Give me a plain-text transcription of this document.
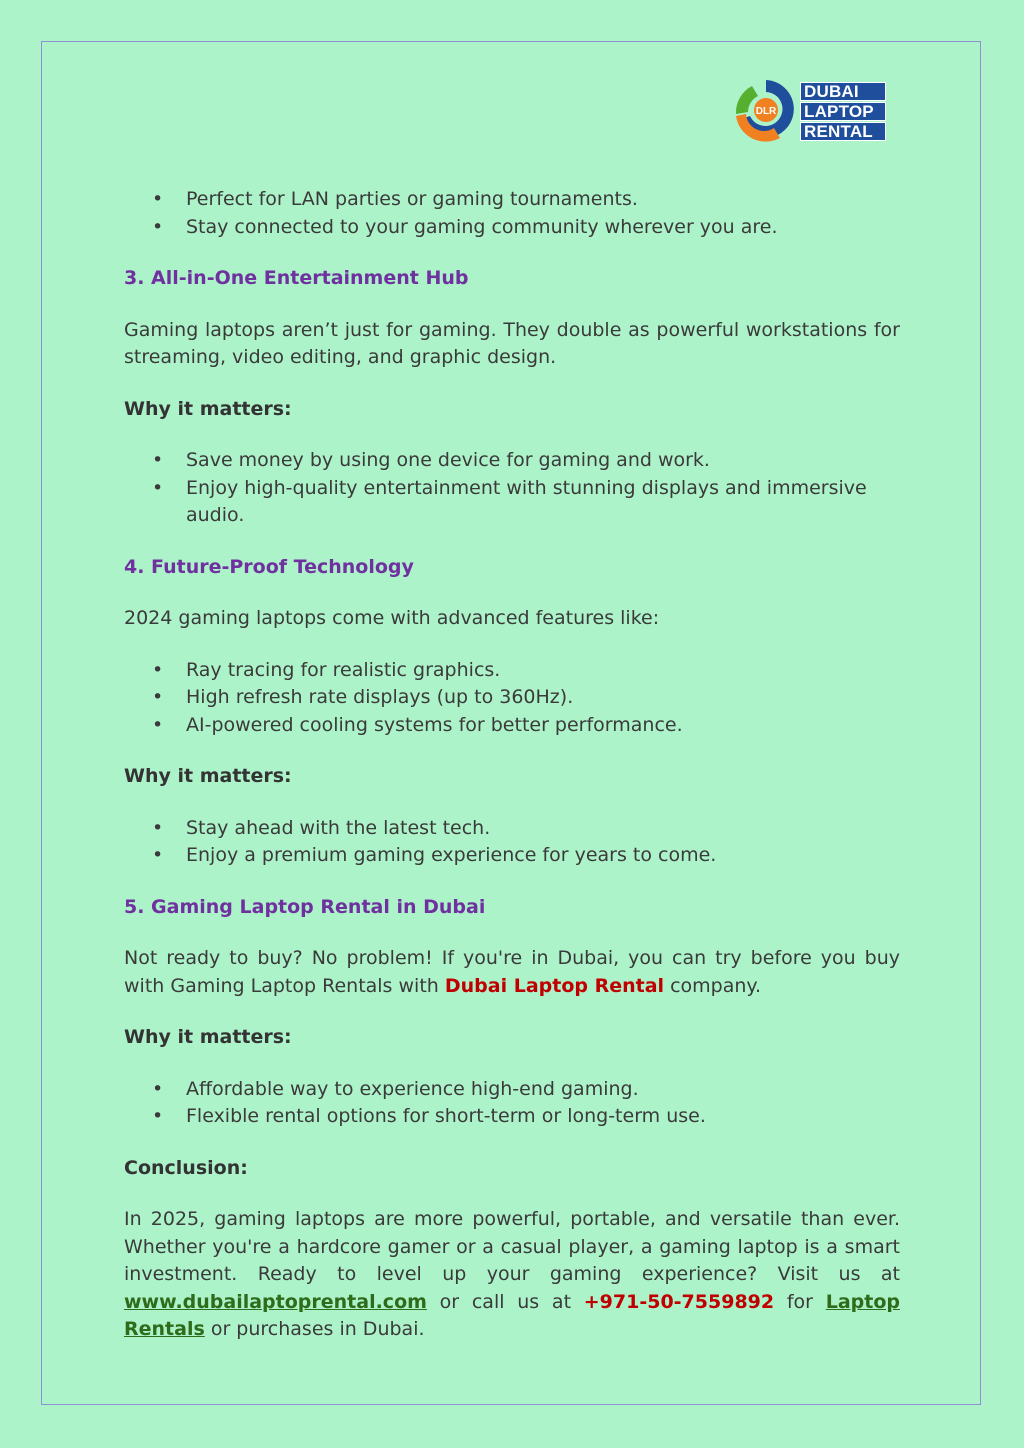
DLR
DUBAI
LAPTOP
RENTAL
• Perfect for LAN parties or gaming tournaments.
• Stay connected to your gaming community wherever you are.
3. All-in-One Entertainment Hub

Gaming laptops aren’t just for gaming. They double as powerful workstations for streaming, video editing, and graphic design.

Why it matters:

• Save money by using one device for gaming and work.
• Enjoy high-quality entertainment with stunning displays and immersive audio.
4. Future-Proof Technology

2024 gaming laptops come with advanced features like:

• Ray tracing for realistic graphics.
• High refresh rate displays (up to 360Hz).
• AI-powered cooling systems for better performance.

Why it matters:

• Stay ahead with the latest tech.
• Enjoy a premium gaming experience for years to come.
5. Gaming Laptop Rental in Dubai

Not ready to buy? No problem! If you're in Dubai, you can try before you buy with Gaming Laptop Rentals with Dubai Laptop Rental company.

Why it matters:

• Affordable way to experience high-end gaming.
• Flexible rental options for short-term or long-term use.

Conclusion:

In 2025, gaming laptops are more powerful, portable, and versatile than ever. Whether you're a hardcore gamer or a casual player, a gaming laptop is a smart investment. Ready to level up your gaming experience? Visit us at www.dubailaptoprental.com or call us at +971-50-7559892 for Laptop Rentals or purchases in Dubai.
